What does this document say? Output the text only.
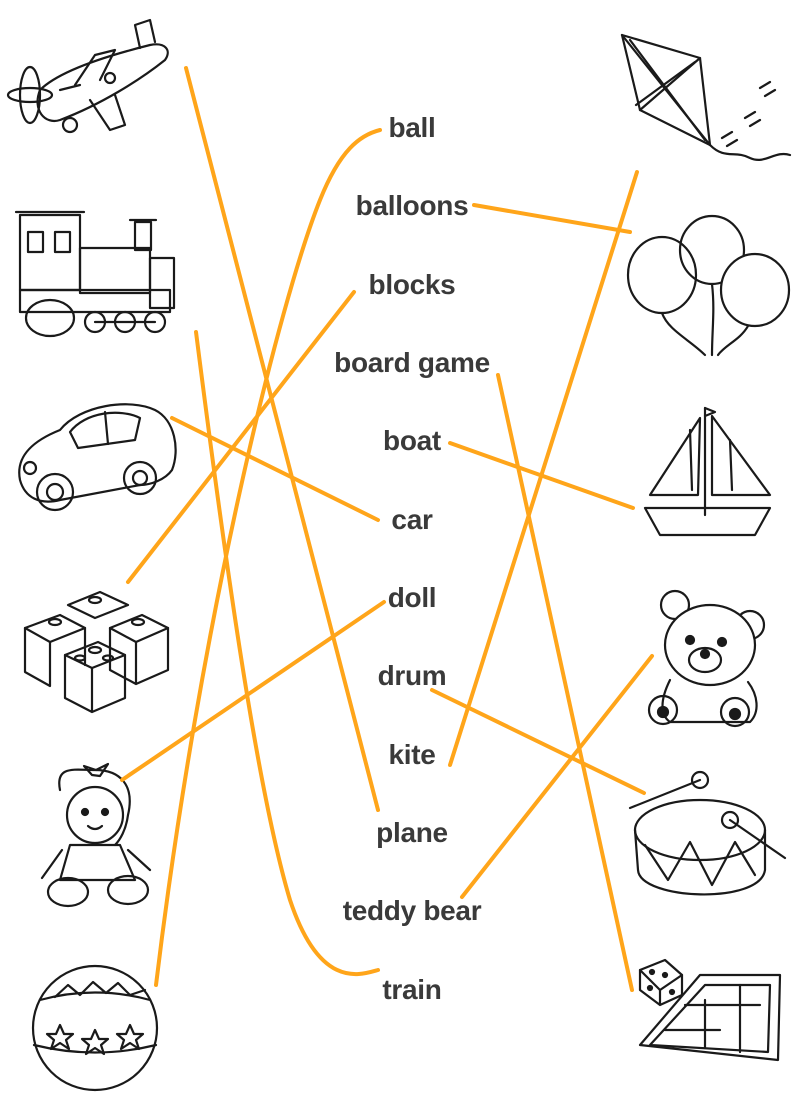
ball
balloons
blocks
board game
boat
car
doll
drum
kite
plane
teddy bear
train
